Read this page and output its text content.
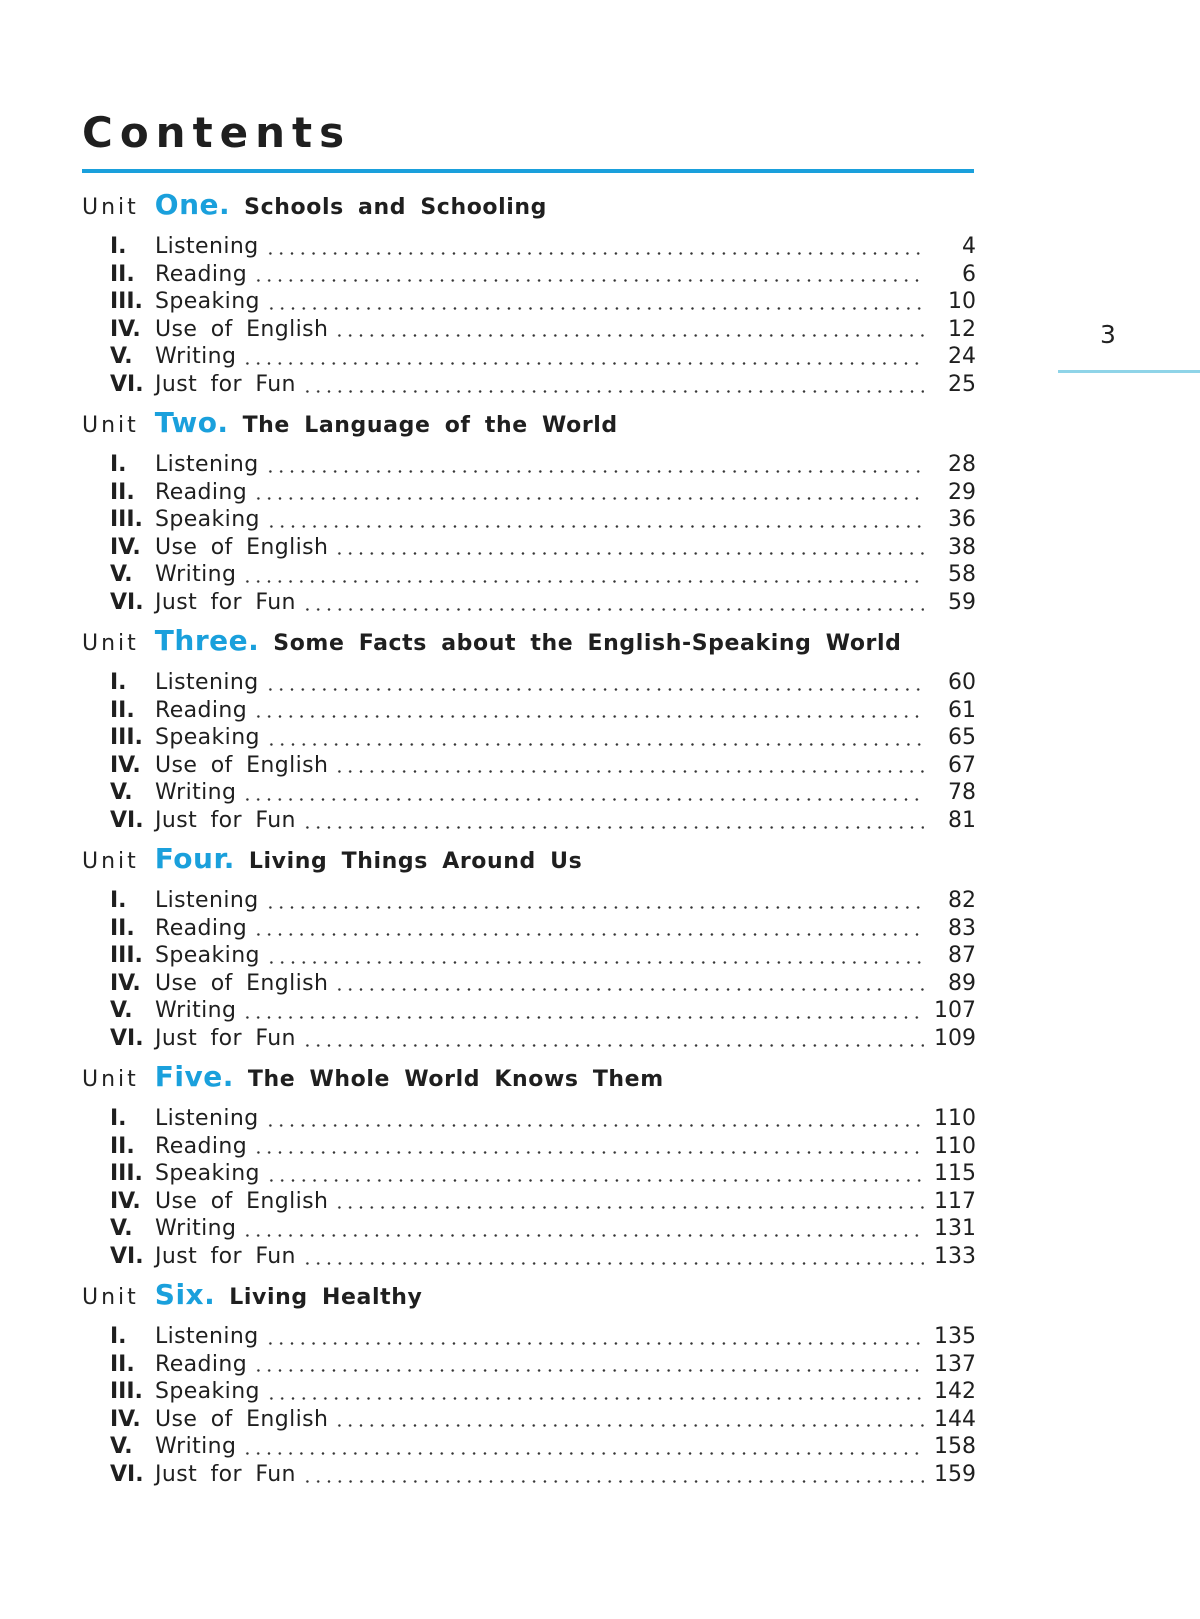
Contents
3
Unit One. Schools and Schooling
I.	Listening	4
II. Reading	6
III. Speaking	10
IV. Use of English	12
V.	Writing	24
VI. Just for Fun	25
Unit Two. The Language of the World
I.	Listening	28
II. Reading	29
III. Speaking	36
IV. Use of English	38
V.	Writing	58
VI. Just for Fun	59
Unit Three. Some Facts about the English-Speaking World
I.	Listening	60
II. Reading	61
III. Speaking	65
IV. Use of English	67
V.	Writing	78
VI. Just for Fun	81
Unit Four. Living Things Around Us
I.	Listening	82
II. Reading	83
III. Speaking	87
IV. Use of English	89
V.	Writing	107
VI. Just for Fun	109
Unit Five. The Whole World Knows Them
I.	Listening	110
II. Reading	110
III. Speaking	115
IV. Use of English	117
V.	Writing	131
VI. Just for Fun	133
Unit Six. Living Healthy
I.	Listening	135
II. Reading	137
III. Speaking	142
IV. Use of English	144
V.	Writing	158
VI. Just for Fun	159
